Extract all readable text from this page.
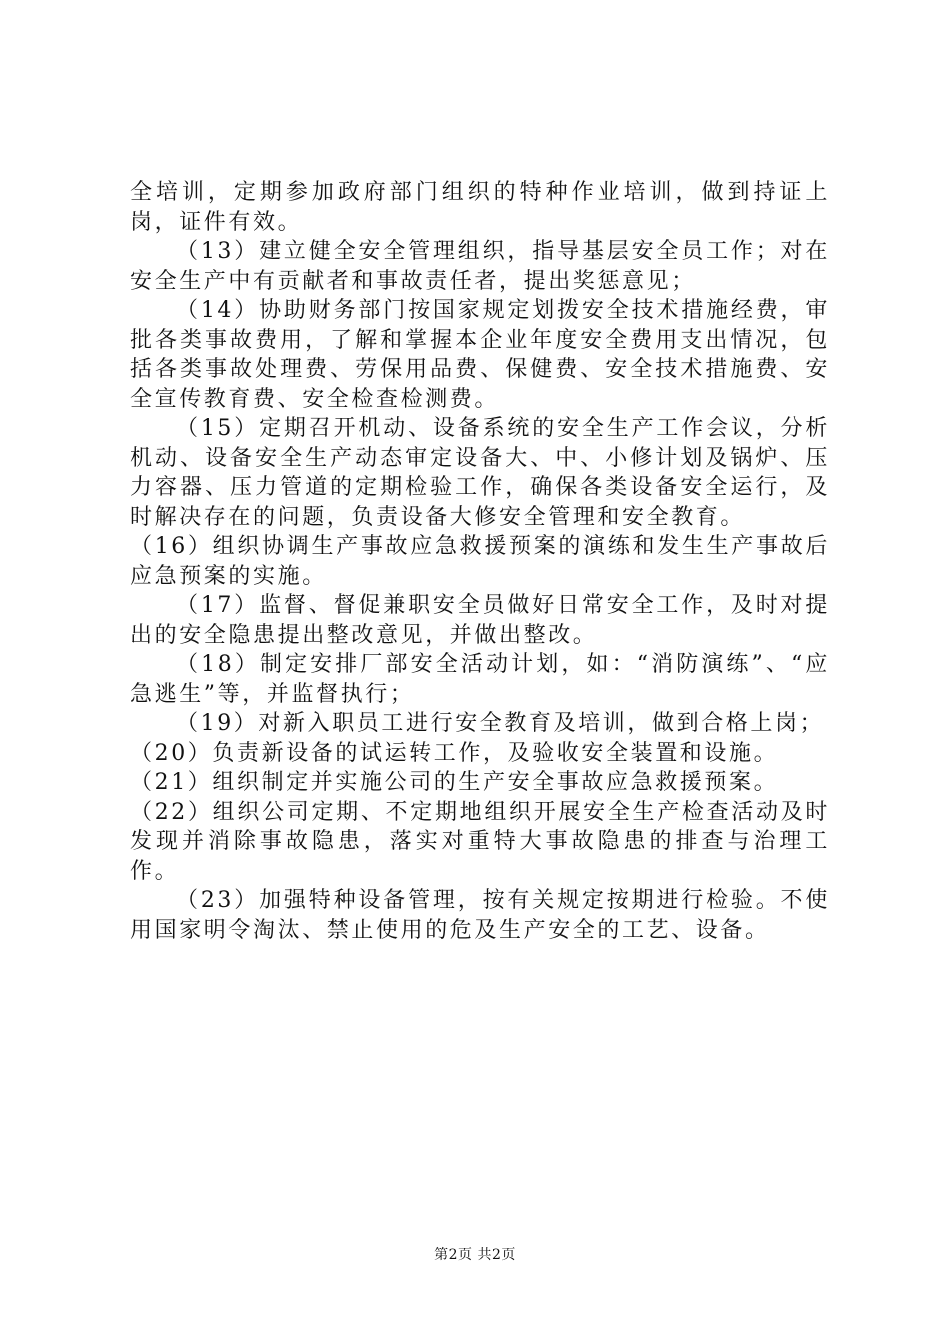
全培训，定期参加政府部门组织的特种作业培训，做到持证上岗，证件有效。

（13）建立健全安全管理组织，指导基层安全员工作；对在安全生产中有贡献者和事故责任者，提出奖惩意见；

（14）协助财务部门按国家规定划拨安全技术措施经费，审批各类事故费用，了解和掌握本企业年度安全费用支出情况，包括各类事故处理费、劳保用品费、保健费、安全技术措施费、安全宣传教育费、安全检查检测费。

（15）定期召开机动、设备系统的安全生产工作会议，分析机动、设备安全生产动态审定设备大、中、小修计划及锅炉、压力容器、压力管道的定期检验工作，确保各类设备安全运行，及时解决存在的问题，负责设备大修安全管理和安全教育。

（16）组织协调生产事故应急救援预案的演练和发生生产事故后应急预案的实施。

（17）监督、督促兼职安全员做好日常安全工作，及时对提出的安全隐患提出整改意见，并做出整改。

（18）制定安排厂部安全活动计划，如：“消防演练”、“应急逃生”等，并监督执行；

（19）对新入职员工进行安全教育及培训，做到合格上岗；

（20）负责新设备的试运转工作，及验收安全装置和设施。

（21）组织制定并实施公司的生产安全事故应急救援预案。

（22）组织公司定期、不定期地组织开展安全生产检查活动及时发现并消除事故隐患，落实对重特大事故隐患的排查与治理工作。

（23）加强特种设备管理，按有关规定按期进行检验。不使用国家明令淘汰、禁止使用的危及生产安全的工艺、设备。

第2页 共2页
